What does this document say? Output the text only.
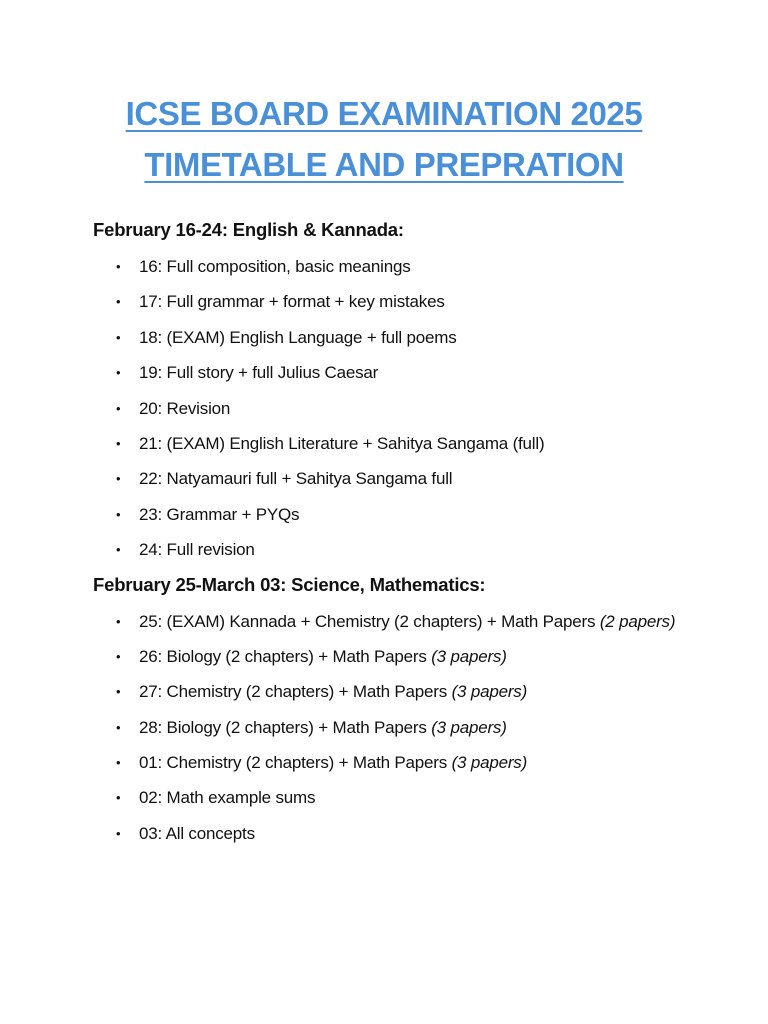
ICSE BOARD EXAMINATION 2025
TIMETABLE AND PREPRATION
February 16-24: English & Kannada:
• 16: Full composition, basic meanings
• 17: Full grammar + format + key mistakes
• 18: (EXAM) English Language + full poems
• 19: Full story + full Julius Caesar
• 20: Revision
• 21: (EXAM) English Literature + Sahitya Sangama (full)
• 22: Natyamauri full + Sahitya Sangama full
• 23: Grammar + PYQs
• 24: Full revision
February 25-March 03: Science, Mathematics:
• 25: (EXAM) Kannada + Chemistry (2 chapters) + Math Papers (2 papers)
• 26: Biology (2 chapters) + Math Papers (3 papers)
• 27: Chemistry (2 chapters) + Math Papers (3 papers)
• 28: Biology (2 chapters) + Math Papers (3 papers)
• 01: Chemistry (2 chapters) + Math Papers (3 papers)
• 02: Math example sums
• 03: All concepts
